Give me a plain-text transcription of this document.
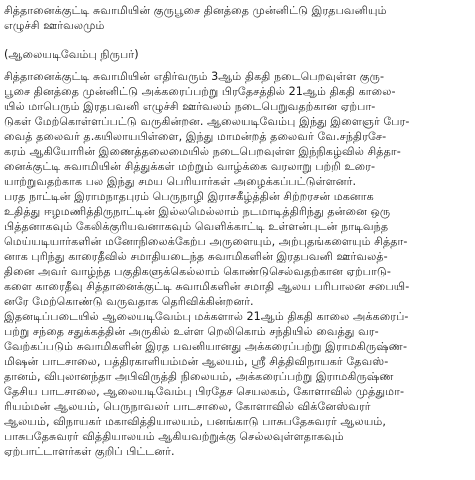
சித்தானைக்குட்டி சுவாமியின் குருபூசை தினத்தை முன்னிட்டு இரதபவனியும்
எழுச்சி ஊர்வலமும்
(ஆலையடிவேம்பு நிருபர்)
சித்தானைக்குட்டி சுவாமியின் எதிர்வரும் 3ஆம் திகதி நடைபெறவுள்ள குரு-
பூசை தினத்தை முன்னிட்டு அக்கரைப்பற்று பிரதேசத்தில் 21ஆம் திகதி காலை-
யில் மாபெரும் இரதபவனி எழுச்சி ஊர்வலம் நடைபெறுவதற்கான ஏற்பா-
டுகள் மேற்கொள்ளப்பட்டு வருகின்றன. ஆலையடிவேம்பு இந்து இளைஞர் பேர-
வைத் தலைவர் த.கயிலாயபிள்ளை, இந்து மாமன்றத் தலைவர் வே.சந்திரசே-
கரம் ஆகியோரின் இணைத்தலைமையில் நடைபெறவுள்ள இந்நிகழ்வில் சித்தா-
னைக்குட்டி சுவாமியின் சித்துக்கள் மற்றும் வாழ்க்கை வரலாறு பற்றி உரை-
யாற்றுவதற்காக பல இந்து சமய பெரியார்கள் அழைக்கப்பட்டுள்ளனர்.
பரத நாட்டின் இராமநாதபுரம் பெருநாழி இராசகீழ்த்தின் சிற்றரசன் மகனாக
உதித்து ஈழமணித்திருநாட்டின் இல்லமெல்லாம் நடமாடித்திரிந்து தன்னை ஒரு
பித்தனாகவும் கேலிக்குரியவனாகவும் வெளிக்காட்டி உள்ளன்புடன் நாடிவந்த
மெய்யடியார்களின் மனோநிலைக்கேற்ப அருளையும், அற்புதங்களையும் சித்தா-
னாக புரிந்து காரைதீவில் சமாதியடைந்த சுவாமிகளின் இரதபவனி ஊர்வலத்-
தினை அவர் வாழ்ந்த பகுதிகளுக்கெல்லாம் கொண்டுசெல்வதற்கான ஏற்பாடு-
களை காரைதீவு சித்தானைக்குட்டி சுவாமிகளின் சமாதி ஆலய பரிபாலன சபையி-
னரே மேற்கொண்டு வருவதாக தெரிவிக்கின்றனர்.
இதனடிப்படையில் ஆலையடிவேம்பு மக்களால் 21ஆம் திகதி காலை அக்கரைப்-
பற்று சந்தை சதுக்கத்தின் அருகில் உள்ள றெலிகொம் சந்தியில் வைத்து வர-
வேற்கப்படும் சுவாமிகளின் இரத பவனியானது அக்கரைப்பற்று இராமகிருஷ்ண-
மிஷன் பாடசாலை, பத்திரகாளியம்மன் ஆலயம், ஸ்ரீ சித்திவிநாயகர் தேவஸ்-
தானம், விபுலானந்தா அபிவிருத்தி நிலையம், அக்கரைப்பற்று இராமகிருஷ்ண
தேசிய பாடசாலை, ஆலையடிவேம்பு பிரதேச செயலகம், கோளாவில் முத்துமா-
ரியம்மன் ஆலயம், பெருநாவலர் பாடசாலை, கோளாவில் விக்னேஸ்வரர்
ஆலயம், விநாயகர் மகாவித்தியாலயம், பனங்காடு பாசுபதேசுவரர் ஆலயம்,
பாசுபதேசுவரர் வித்தியாலயம் ஆகியவற்றுக்கு செல்லவுள்ளதாகவும்
ஏற்பாட்டாளர்கள் குறிப் பிட்டனர்.
